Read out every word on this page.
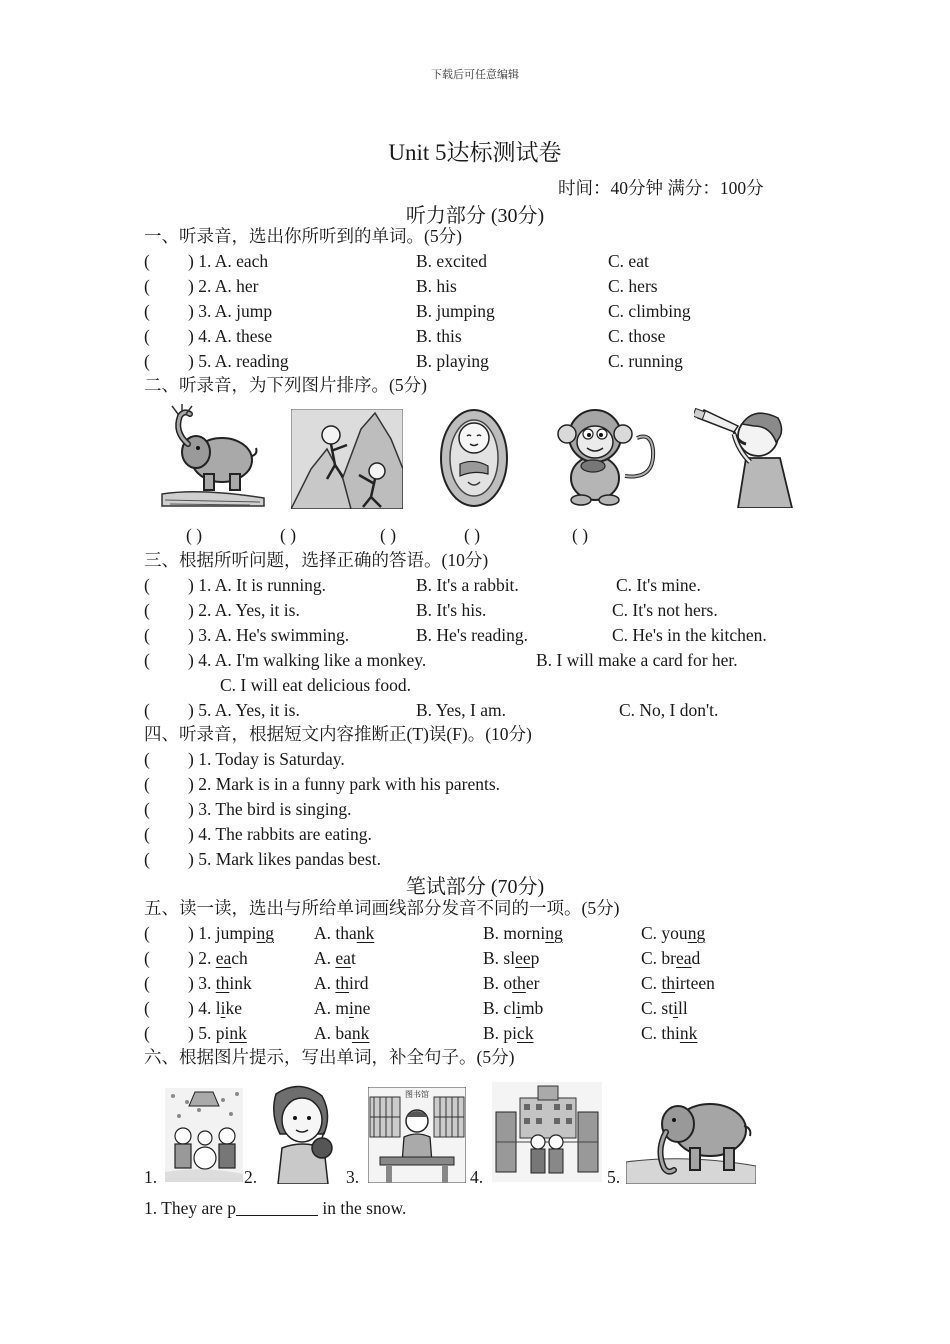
下载后可任意编辑
Unit 5达标测试卷
时间：40分钟 满分：100分
听力部分 (30分)
一、听录音，选出你所听到的单词。(5分)
( ) 1. A. each	B. excited	C. eat
( ) 2. A. her	B. his	C. hers
( ) 3. A. jump	B. jumping	C. climbing
( ) 4. A. these	B. this	C. those
( ) 5. A. reading	B. playing	C. running
二、听录音，为下列图片排序。(5分)
( )	( )	( )	( )	( )
三、根据所听问题，选择正确的答语。(10分)
( ) 1. A. It is running.	B. It's a rabbit.	C. It's mine.
( ) 2. A. Yes, it is.	B. It's his.	C. It's not hers.
( ) 3. A. He's swimming.	B. He's reading.	C. He's in the kitchen.
( ) 4. A. I'm walking like a monkey.	B. I will make a card for her.
C. I will eat delicious food.
( ) 5. A. Yes, it is.	B. Yes, I am.	C. No, I don't.
四、听录音，根据短文内容推断正(T)误(F)。(10分)
( ) 1. Today is Saturday.
( ) 2. Mark is in a funny park with his parents.
( ) 3. The bird is singing.
( ) 4. The rabbits are eating.
( ) 5. Mark likes pandas best.
笔试部分 (70分)
五、读一读，选出与所给单词画线部分发音不同的一项。(5分)
( ) 1. jumping A. thank	B. morning	C. young
( ) 2. each	A. eat	B. sleep	C. bread
( ) 3. think	A. third	B. other	C. thirteen
( ) 4. like	A. mine	B. climb	C. still
( ) 5. pink	A. bank	B. pick	C. think
六、根据图片提示，写出单词，补全句子。(5分)
图书馆
1.	2.	3.	4.	5.
1. They are p	in the snow.
